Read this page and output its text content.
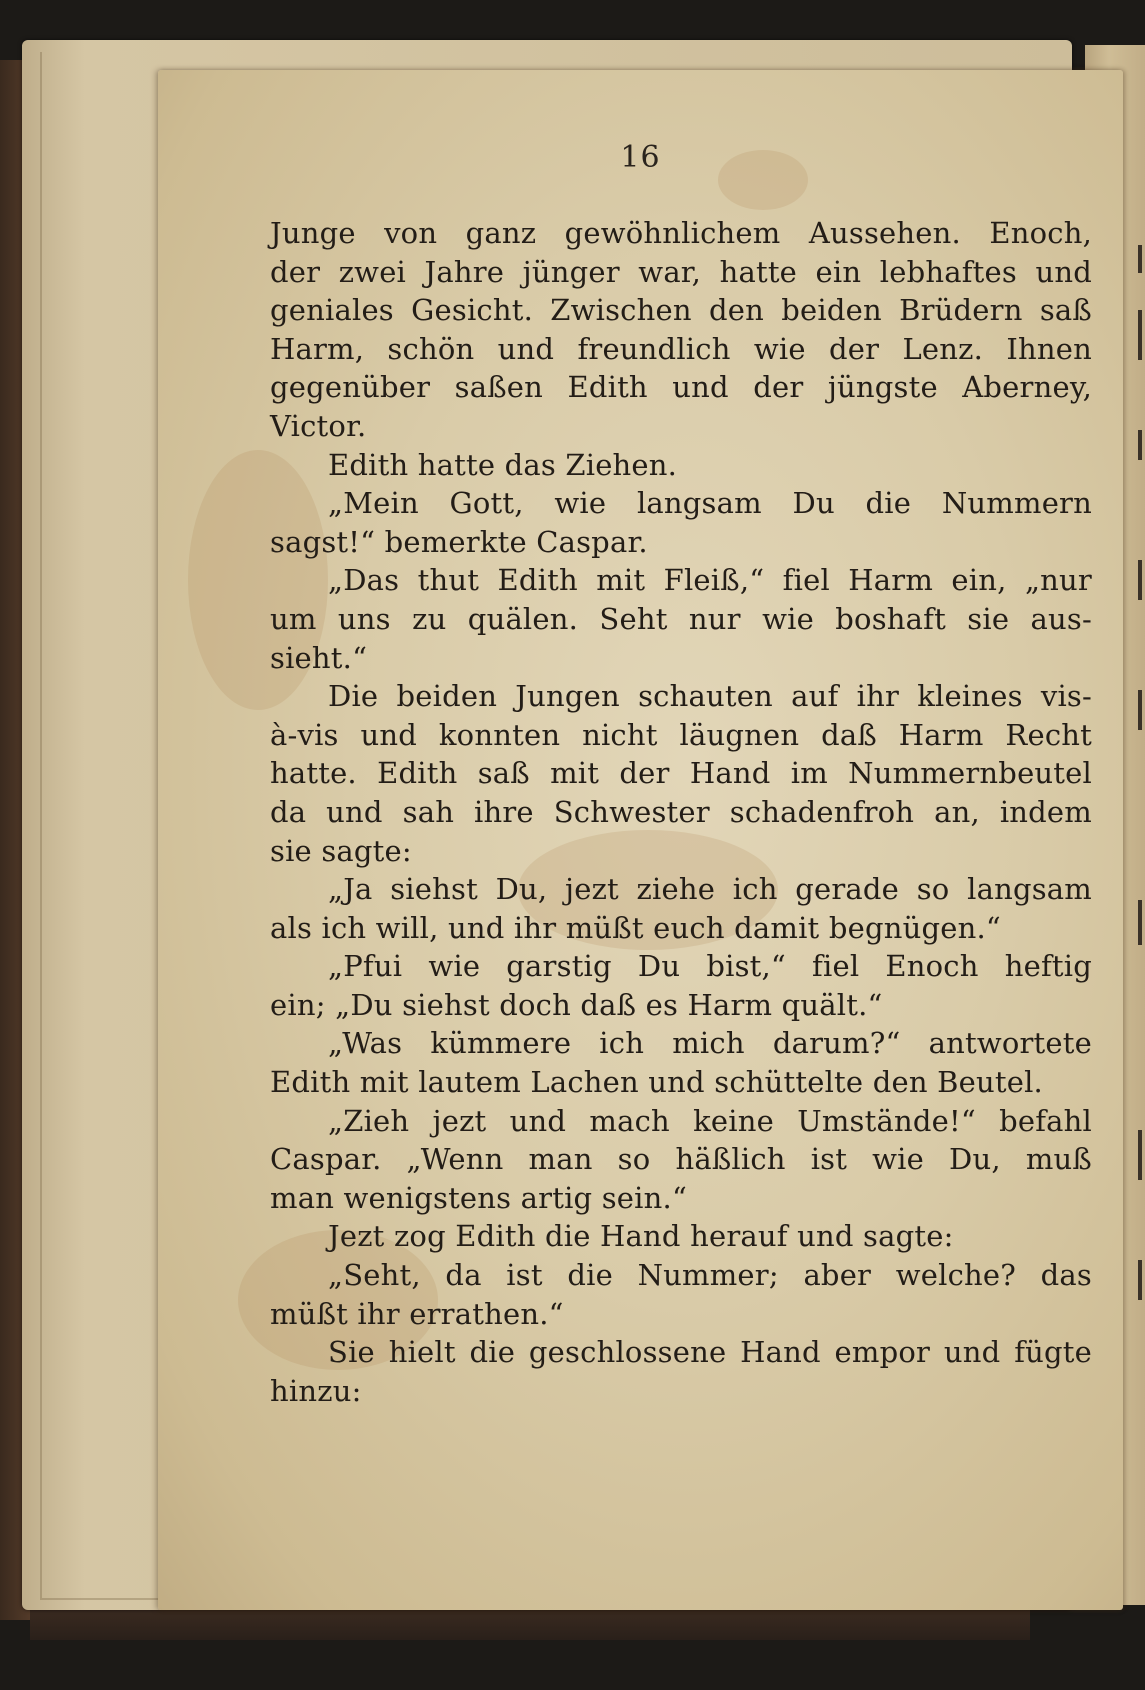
16
Junge von ganz gewöhnlichem Aussehen. Enoch,
der zwei Jahre jünger war, hatte ein lebhaftes und
geniales Gesicht. Zwischen den beiden Brüdern saß
Harm, schön und freundlich wie der Lenz. Ihnen
gegenüber saßen Edith und der jüngste Aberney,
Victor.
Edith hatte das Ziehen.
„Mein Gott, wie langsam Du die Nummern
sagst!“ bemerkte Caspar.
„Das thut Edith mit Fleiß,“ fiel Harm ein, „nur
um uns zu quälen. Seht nur wie boshaft sie aus-
sieht.“
Die beiden Jungen schauten auf ihr kleines vis-
à-vis und konnten nicht läugnen daß Harm Recht
hatte. Edith saß mit der Hand im Nummernbeutel
da und sah ihre Schwester schadenfroh an, indem
sie sagte:
„Ja siehst Du, jezt ziehe ich gerade so langsam
als ich will, und ihr müßt euch damit begnügen.“
„Pfui wie garstig Du bist,“ fiel Enoch heftig
ein; „Du siehst doch daß es Harm quält.“
„Was kümmere ich mich darum?“ antwortete
Edith mit lautem Lachen und schüttelte den Beutel.
„Zieh jezt und mach keine Umstände!“ befahl
Caspar. „Wenn man so häßlich ist wie Du, muß
man wenigstens artig sein.“
Jezt zog Edith die Hand herauf und sagte:
„Seht, da ist die Nummer; aber welche? das
müßt ihr errathen.“
Sie hielt die geschlossene Hand empor und fügte
hinzu:
